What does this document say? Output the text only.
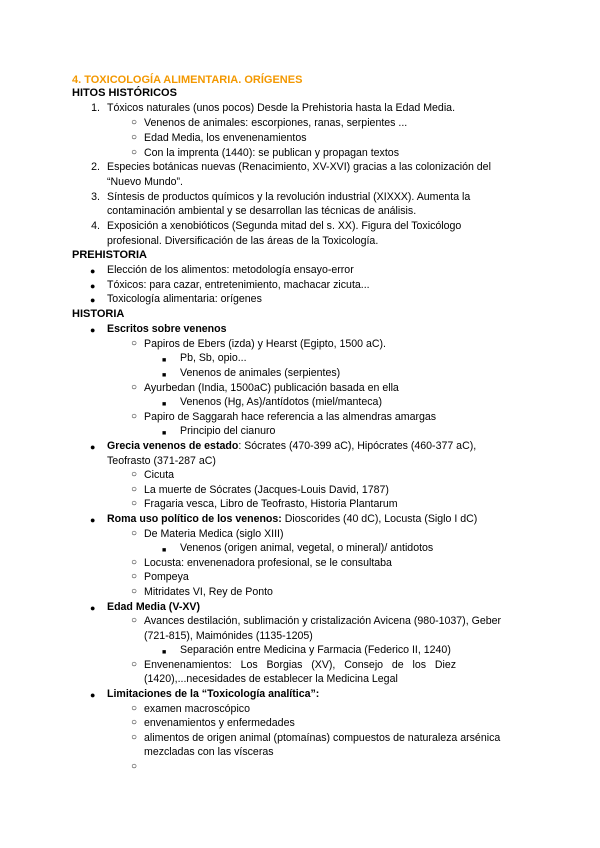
4. TOXICOLOGÍA ALIMENTARIA. ORÍGENES
HITOS HISTÓRICOS
1. Tóxicos naturales (unos pocos) Desde la Prehistoria hasta la Edad Media.
○ Venenos de animales: escorpiones, ranas, serpientes ...
○ Edad Media, los envenenamientos
○ Con la imprenta (1440): se publican y propagan textos
2. Especies botánicas nuevas (Renacimiento, XV-XVI) gracias a las colonización del
“Nuevo Mundo”.
3. Síntesis de productos químicos y la revolución industrial (XIXXX). Aumenta la
contaminación ambiental y se desarrollan las técnicas de análisis.
4. Exposición a xenobióticos (Segunda mitad del s. XX). Figura del Toxicólogo
profesional. Diversificación de las áreas de la Toxicología.
PREHISTORIA
● Elección de los alimentos: metodología ensayo-error
● Tóxicos: para cazar, entretenimiento, machacar zicuta...
● Toxicología alimentaria: orígenes
HISTORIA
● Escritos sobre venenos
○ Papiros de Ebers (izda) y Hearst (Egipto, 1500 aC).
■ Pb, Sb, opio...
■ Venenos de animales (serpientes)
○ Ayurbedan (India, 1500aC) publicación basada en ella
■ Venenos (Hg, As)/antídotos (miel/manteca)
○ Papiro de Saggarah hace referencia a las almendras amargas
■ Principio del cianuro
● Grecia venenos de estado: Sócrates (470-399 aC), Hipócrates (460-377 aC),
Teofrasto (371-287 aC)
○ Cicuta
○ La muerte de Sócrates (Jacques-Louis David, 1787)
○ Fragaria vesca, Libro de Teofrasto, Historia Plantarum
● Roma uso político de los venenos: Dioscorides (40 dC), Locusta (Siglo I dC)
○ De Materia Medica (siglo XIII)
■ Venenos (origen animal, vegetal, o mineral)/ antidotos
○ Locusta: envenenadora profesional, se le consultaba
○ Pompeya
○ Mitridates VI, Rey de Ponto
● Edad Media (V-XV)
○ Avances destilación, sublimación y cristalización Avicena (980-1037), Geber
(721-815), Maimónides (1135-1205)
■ Separación entre Medicina y Farmacia (Federico II, 1240)
○ Envenenamientos:   Los   Borgias   (XV),   Consejo   de   los   Diez
(1420),...necesidades de establecer la Medicina Legal
● Limitaciones de la “Toxicología analítica”:
○ examen macroscópico
○ envenamientos y enfermedades
○ alimentos de origen animal (ptomaínas) compuestos de naturaleza arsénica
mezcladas con las vísceras
○
